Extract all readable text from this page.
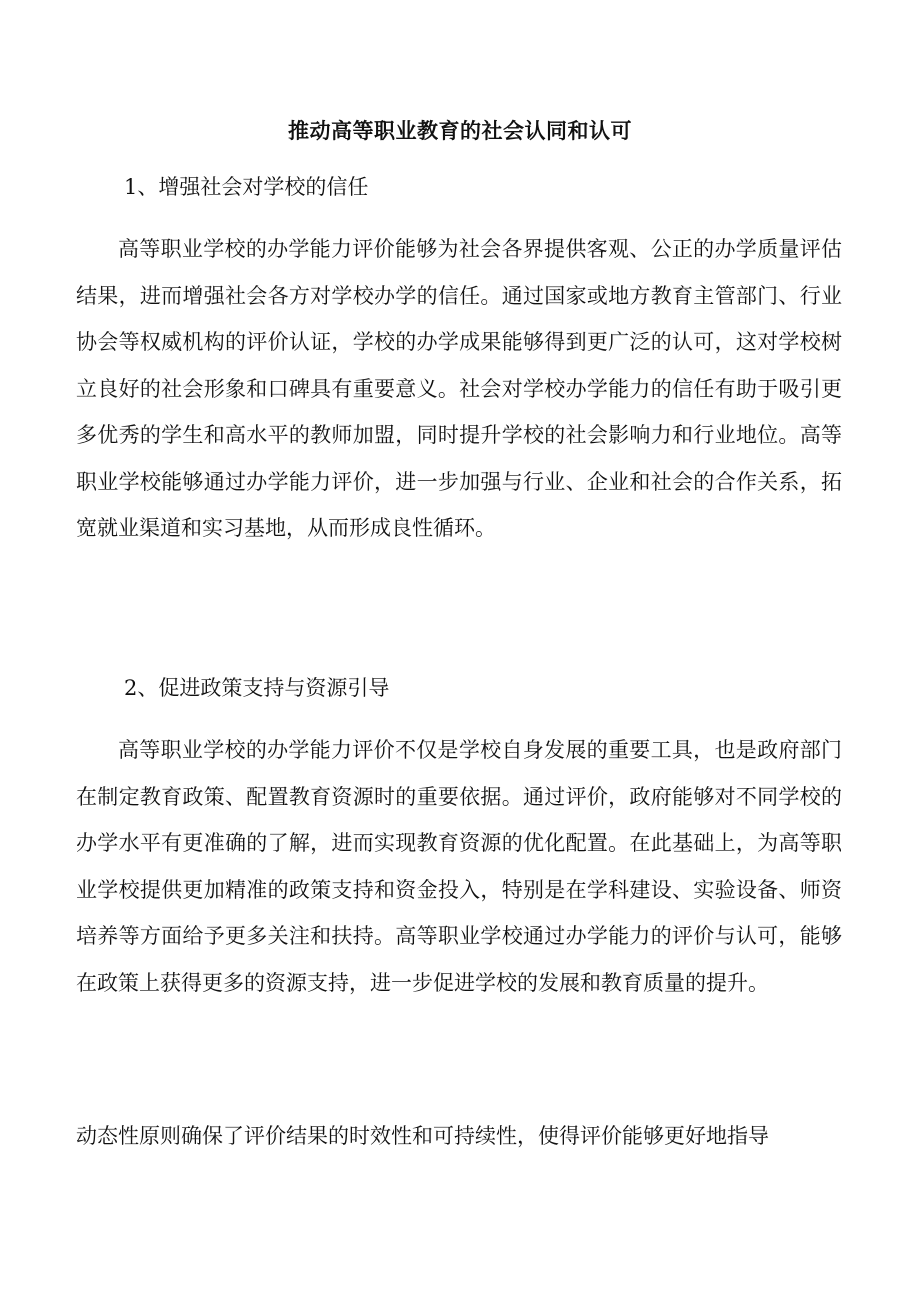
推动高等职业教育的社会认同和认可
1、增强社会对学校的信任

高等职业学校的办学能力评价能够为社会各界提供客观、公正的办学质量评估结果，进而增强社会各方对学校办学的信任。通过国家或地方教育主管部门、行业协会等权威机构的评价认证，学校的办学成果能够得到更广泛的认可，这对学校树立良好的社会形象和口碑具有重要意义。社会对学校办学能力的信任有助于吸引更多优秀的学生和高水平的教师加盟，同时提升学校的社会影响力和行业地位。高等职业学校能够通过办学能力评价，进一步加强与行业、企业和社会的合作关系，拓宽就业渠道和实习基地，从而形成良性循环。

2、促进政策支持与资源引导

高等职业学校的办学能力评价不仅是学校自身发展的重要工具，也是政府部门在制定教育政策、配置教育资源时的重要依据。通过评价，政府能够对不同学校的办学水平有更准确的了解，进而实现教育资源的优化配置。在此基础上，为高等职业学校提供更加精准的政策支持和资金投入，特别是在学科建设、实验设备、师资培养等方面给予更多关注和扶持。高等职业学校通过办学能力的评价与认可，能够在政策上获得更多的资源支持，进一步促进学校的发展和教育质量的提升。

动态性原则确保了评价结果的时效性和可持续性，使得评价能够更好地指导
